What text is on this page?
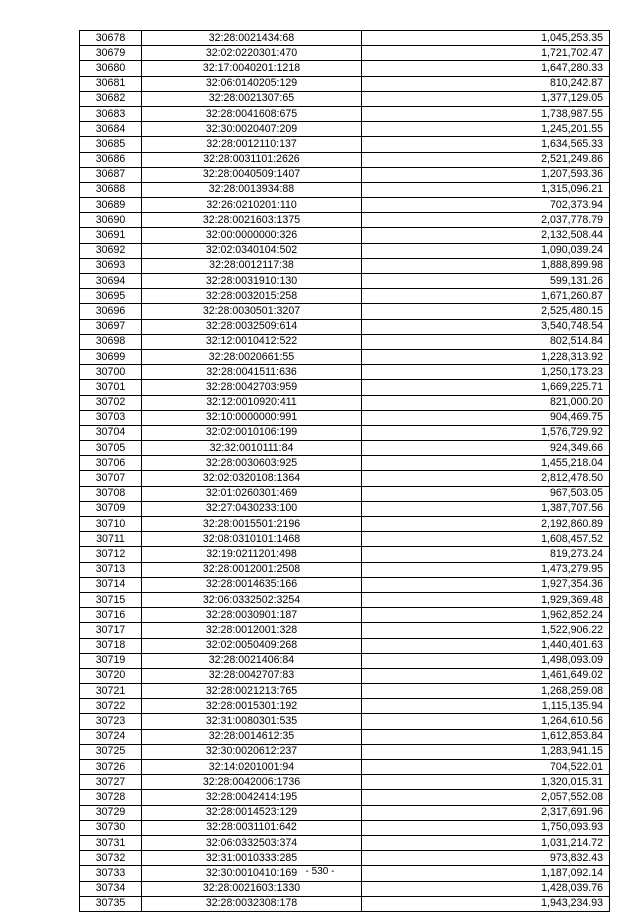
30678	32:28:0021434:68	1,045,253.35
30679	32:02:0220301:470	1,721,702.47
30680	32:17:0040201:1218	1,647,280.33
30681	32:06:0140205:129	810,242.87
30682	32:28:0021307:65	1,377,129.05
30683	32:28:0041608:675	1,738,987.55
30684	32:30:0020407:209	1,245,201.55
30685	32:28:0012110:137	1,634,565.33
30686	32:28:0031101:2626	2,521,249.86
30687	32:28:0040509:1407	1,207,593.36
30688	32:28:0013934:88	1,315,096.21
30689	32:26:0210201:110	702,373.94
30690	32:28:0021603:1375	2,037,778.79
30691	32:00:0000000:326	2,132,508.44
30692	32:02:0340104:502	1,090,039.24
30693	32:28:0012117:38	1,888,899.98
30694	32:28:0031910:130	599,131.26
30695	32:28:0032015:258	1,671,260.87
30696	32:28:0030501:3207	2,525,480.15
30697	32:28:0032509:614	3,540,748.54
30698	32:12:0010412:522	802,514.84
30699	32:28:0020661:55	1,228,313.92
30700	32:28:0041511:636	1,250,173.23
30701	32:28:0042703:959	1,669,225.71
30702	32:12:0010920:411	821,000.20
30703	32:10:0000000:991	904,469.75
30704	32:02:0010106:199	1,576,729.92
30705	32:32:0010111:84	924,349.66
30706	32:28:0030603:925	1,455,218.04
30707	32:02:0320108:1364	2,812,478.50
30708	32:01:0260301:469	967,503.05
30709	32:27:0430233:100	1,387,707.56
30710	32:28:0015501:2196	2,192,860.89
30711	32:08:0310101:1468	1,608,457.52
30712	32:19:0211201:498	819,273.24
30713	32:28:0012001:2508	1,473,279.95
30714	32:28:0014635:166	1,927,354.36
30715	32:06:0332502:3254	1,929,369.48
30716	32:28:0030901:187	1,962,852.24
30717	32:28:0012001:328	1,522,906.22
30718	32:02:0050409:268	1,440,401.63
30719	32:28:0021406:84	1,498,093.09
30720	32:28:0042707:83	1,461,649.02
30721	32:28:0021213:765	1,268,259.08
30722	32:28:0015301:192	1,115,135.94
30723	32:31:0080301:535	1,264,610.56
30724	32:28:0014612:35	1,612,853.84
30725	32:30:0020612:237	1,283,941.15
30726	32:14:0201001:94	704,522.01
30727	32:28:0042006:1736	1,320,015.31
30728	32:28:0042414:195	2,057,552.08
30729	32:28:0014523:129	2,317,691.96
30730	32:28:0031101:642	1,750,093.93
30731	32:06:0332503:374	1,031,214.72
30732	32:31:0010333:285	973,832.43
30733	32:30:0010410:169	1,187,092.14
30734	32:28:0021603:1330	1,428,039.76
30735	32:28:0032308:178	1,943,234.93
- 530 -
